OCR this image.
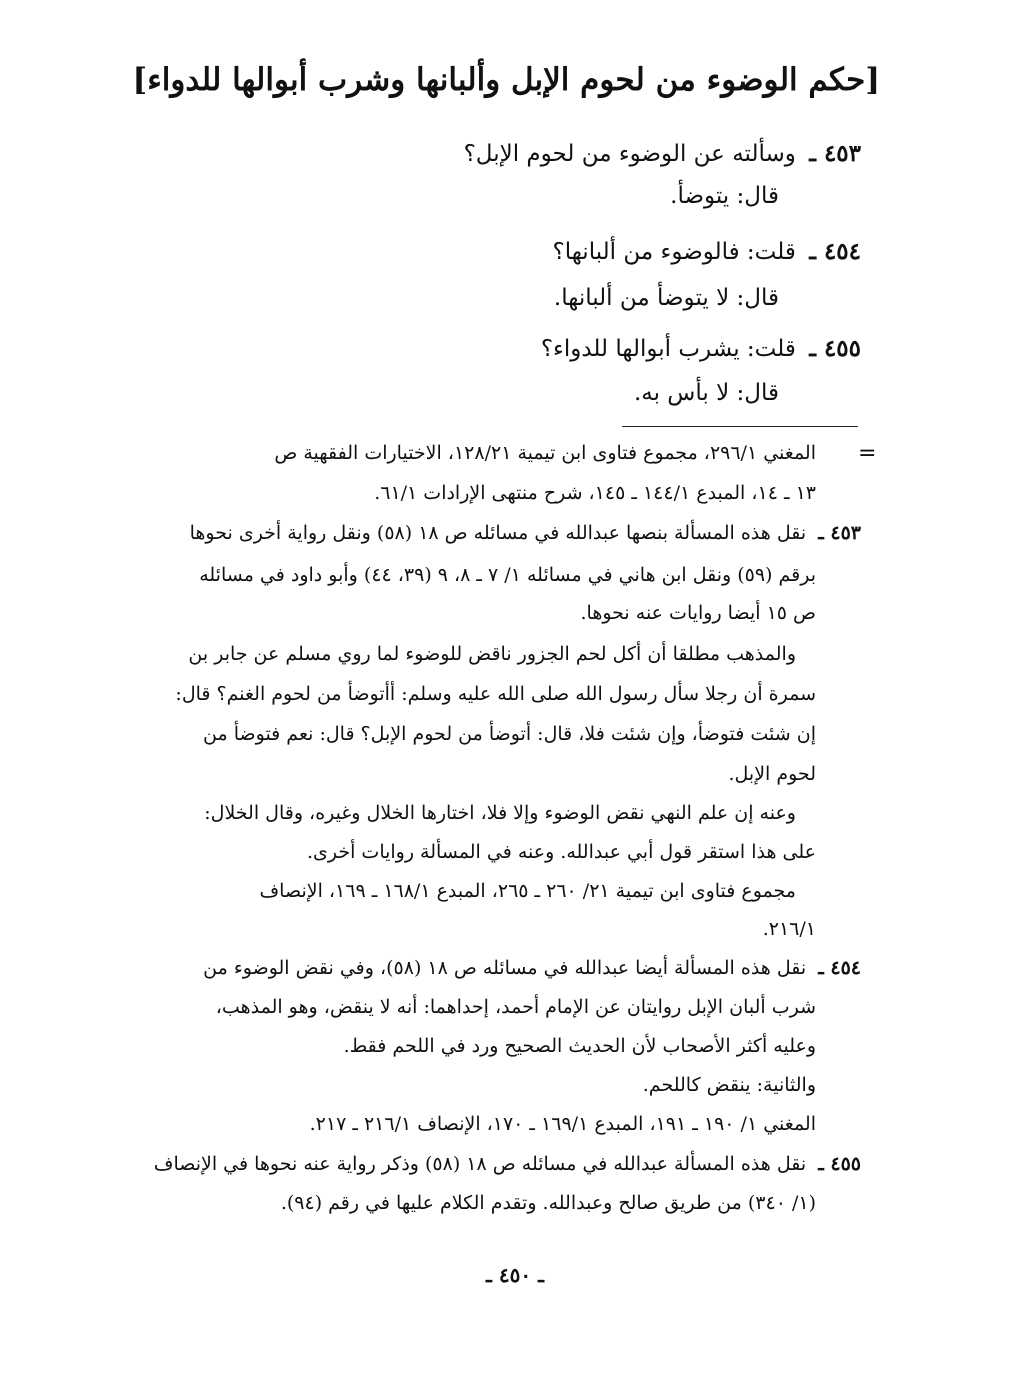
[حكم الوضوء من لحوم الإبل وألبانها وشرب أبوالها للدواء]
٤٥٣ ـ وسألته عن الوضوء من لحوم الإبل؟
قال: يتوضأ.
٤٥٤ ـ قلت: فالوضوء من ألبانها؟
قال: لا يتوضأ من ألبانها.
٤٥٥ ـ قلت: يشرب أبوالها للدواء؟
قال: لا بأس به.
=
المغني ٢٩٦/١، مجموع فتاوى ابن تيمية ١٢٨/٢١، الاختيارات الفقهية ص
١٣ ـ ١٤، المبدع ١٤٤/١ ـ ١٤٥، شرح منتهى الإرادات ٦١/١.
٤٥٣ ـ نقل هذه المسألة بنصها عبدالله في مسائله ص ١٨ (٥٨) ونقل رواية أخرى نحوها
برقم (٥٩) ونقل ابن هاني في مسائله ١/ ٧ ـ ٨، ٩ (٣٩، ٤٤) وأبو داود في مسائله
ص ١٥ أيضا روايات عنه نحوها.
والمذهب مطلقا أن أكل لحم الجزور ناقض للوضوء لما روي مسلم عن جابر بن
سمرة أن رجلا سأل رسول الله صلى الله عليه وسلم: أأتوضأ من لحوم الغنم؟ قال:
إن شئت فتوضأ، وإن شئت فلا، قال: أتوضأ من لحوم الإبل؟ قال: نعم فتوضأ من
لحوم الإبل.
وعنه إن علم النهي نقض الوضوء وإلا فلا، اختارها الخلال وغيره، وقال الخلال:
على هذا استقر قول أبي عبدالله. وعنه في المسألة روايات أخرى.
مجموع فتاوى ابن تيمية ٢١/ ٢٦٠ ـ ٢٦٥، المبدع ١٦٨/١ ـ ١٦٩، الإنصاف
٢١٦/١.
٤٥٤ ـ نقل هذه المسألة أيضا عبدالله في مسائله ص ١٨ (٥٨)، وفي نقض الوضوء من
شرب ألبان الإبل روايتان عن الإمام أحمد، إحداهما: أنه لا ينقض، وهو المذهب،
وعليه أكثر الأصحاب لأن الحديث الصحيح ورد في اللحم فقط.
والثانية: ينقض كاللحم.
المغني ١/ ١٩٠ ـ ١٩١، المبدع ١٦٩/١ ـ ١٧٠، الإنصاف ٢١٦/١ ـ ٢١٧.
٤٥٥ ـ نقل هذه المسألة عبدالله في مسائله ص ١٨ (٥٨) وذكر رواية عنه نحوها في الإنصاف
(١/ ٣٤٠) من طريق صالح وعبدالله. وتقدم الكلام عليها في رقم (٩٤).
ـ ٤٥٠ ـ
